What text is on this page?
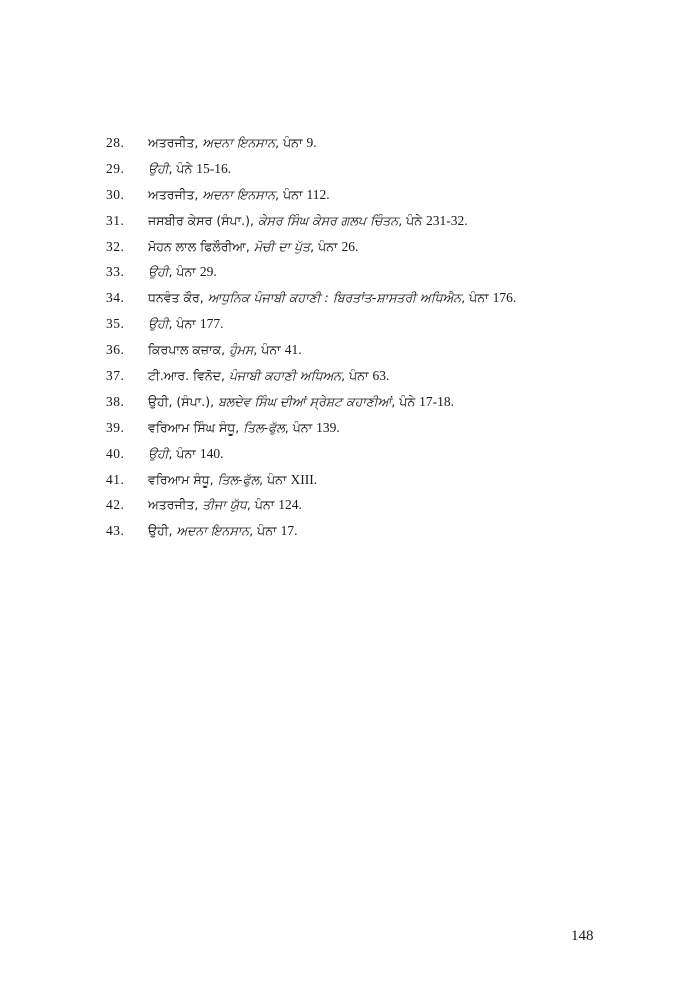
28.	ਅਤਰਜੀਤ, ਅਦਨਾ ਇਨਸਾਨ, ਪੰਨਾ 9.
29.	ਉਹੀ, ਪੰਨੇ 15-16.
30.	ਅਤਰਜੀਤ, ਅਦਨਾ ਇਨਸਾਨ, ਪੰਨਾ 112.
31.	ਜਸਬੀਰ ਕੇਸਰ (ਸੰਪਾ.), ਕੇਸਰ ਸਿੰਘ ਕੇਸਰ ਗਲਪ ਚਿੰਤਨ, ਪੰਨੇ 231-32.
32.	ਮੋਹਨ ਲਾਲ ਫਿਲੌਰੀਆ, ਮੋਚੀ ਦਾ ਪੁੱਤ, ਪੰਨਾ 26.
33.	ਉਹੀ, ਪੰਨਾ 29.
34.	ਧਨਵੰਤ ਕੌਰ, ਆਧੁਨਿਕ ਪੰਜਾਬੀ ਕਹਾਣੀ : ਬਿਰਤਾਂਤ-ਸ਼ਾਸਤਰੀ ਅਧਿਐਨ, ਪੰਨਾ 176.
35.	ਉਹੀ, ਪੰਨਾ 177.
36.	ਕਿਰਪਾਲ ਕਜ਼ਾਕ, ਹੁੰਮਸ, ਪੰਨਾ 41.
37.	ਟੀ.ਆਰ. ਵਿਨੋਦ, ਪੰਜਾਬੀ ਕਹਾਣੀ ਅਧਿਅਨ, ਪੰਨਾ 63.
38.	ਉਹੀ, (ਸੰਪਾ.), ਬਲਦੇਵ ਸਿੰਘ ਦੀਆਂ ਸ੍ਰੇਸ਼ਟ ਕਹਾਣੀਆਂ, ਪੰਨੇ 17-18.
39.	ਵਰਿਆਮ ਸਿੰਘ ਸੰਧੂ, ਤਿਲ-ਫੁੱਲ, ਪੰਨਾ 139.
40.	ਉਹੀ, ਪੰਨਾ 140.
41.	ਵਰਿਆਮ ਸੰਧੂ, ਤਿਲ-ਫੁੱਲ, ਪੰਨਾ XIII.
42.	ਅਤਰਜੀਤ, ਤੀਜਾ ਯੁੱਧ, ਪੰਨਾ 124.
43.	ਉਹੀ, ਅਦਨਾ ਇਨਸਾਨ, ਪੰਨਾ 17.
148
